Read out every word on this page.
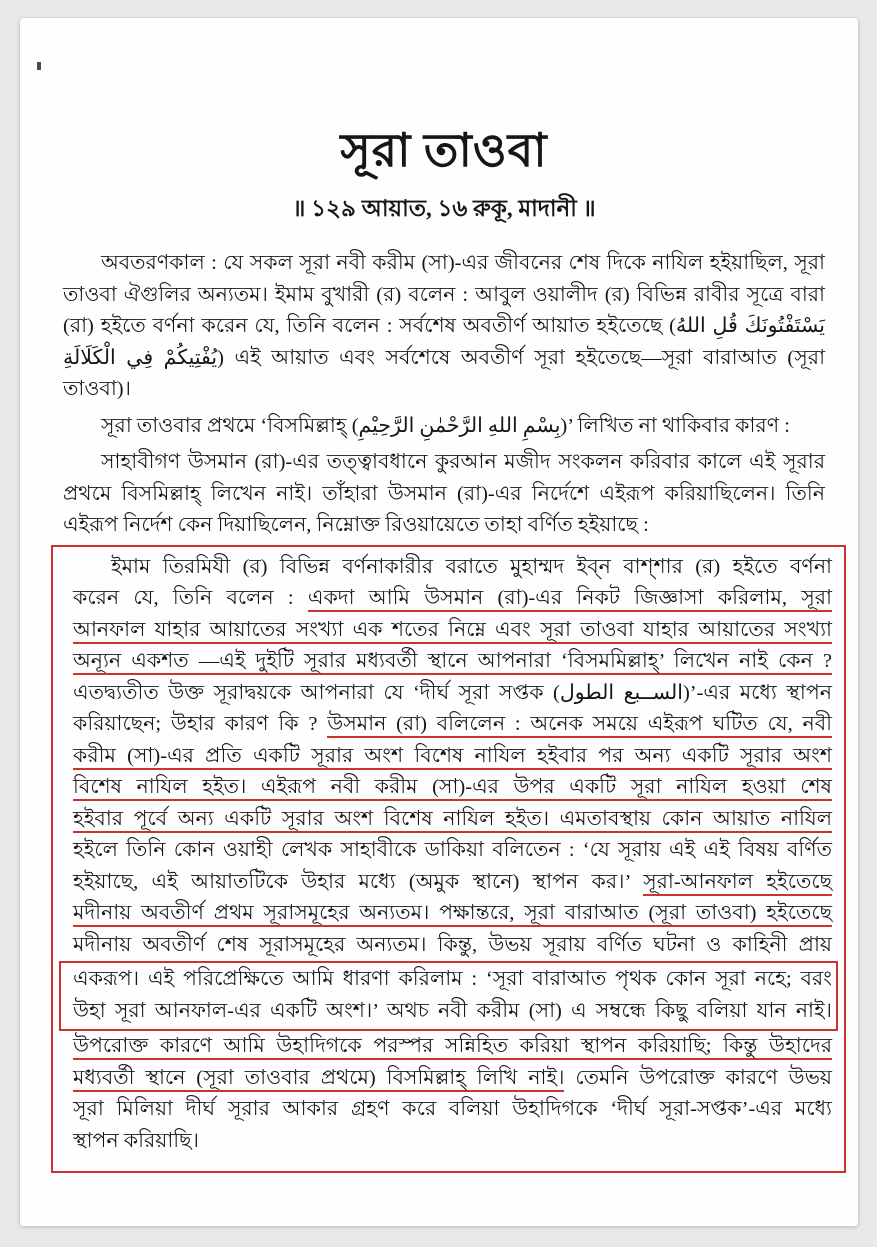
সূরা তাওবা
॥ ১২৯ আয়াত, ১৬ রুকূ, মাদানী ॥

অবতরণকাল : যে সকল সূরা নবী করীম (সা)-এর জীবনের শেষ দিকে নাযিল হইয়াছিল, সূরা তাওবা ঐগুলির অন্যতম। ইমাম বুখারী (র) বলেন : আবুল ওয়ালীদ (র) বিভিন্ন রাবীর সূত্রে বারা (রা) হইতে বর্ণনা করেন যে, তিনি বলেন : সর্বশেষ অবতীর্ণ আয়াত হইতেছে (يَسْتَفْتُونَكَ قُلِ اللهُ يُفْتِيكُمْ فِي الْكَلَالَةِ) এই আয়াত এবং সর্বশেষে অবতীর্ণ সূরা হইতেছে—সূরা বারাআত (সূরা তাওবা)।

সূরা তাওবার প্রথমে ‘বিসমিল্লাহ্ (بِسْمِ اللهِ الرَّحْمٰنِ الرَّحِيْمِ)’ লিখিত না থাকিবার কারণ :

সাহাবীগণ উসমান (রা)-এর তত্ত্বাবধানে কুরআন মজীদ সংকলন করিবার কালে এই সূরার প্রথমে বিসমিল্লাহ্ লিখেন নাই। তাঁহারা উসমান (রা)-এর নির্দেশে এইরূপ করিয়াছিলেন। তিনি এইরূপ নির্দেশ কেন দিয়াছিলেন, নিম্নোক্ত রিওয়ায়েতে তাহা বর্ণিত হইয়াছে :

ইমাম তিরমিযী (র) বিভিন্ন বর্ণনাকারীর বরাতে মুহাম্মদ ইব্‌ন বাশ্‌শার (র) হইতে বর্ণনা
করেন যে, তিনি বলেন : একদা আমি উসমান (রা)-এর নিকট জিজ্ঞাসা করিলাম, সূরা
আনফাল যাহার আয়াতের সংখ্যা এক শতের নিম্নে এবং সূরা তাওবা যাহার আয়াতের সংখ্যা
অন্যূন একশত —এই দুইটি সূরার মধ্যবর্তী স্থানে আপনারা ‘বিসমমিল্লাহ্’ লিখেন নাই কেন ?
এতদ্ব্যতীত উক্ত সূরাদ্বয়কে আপনারা যে ‘দীর্ঘ সূরা সপ্তক (الســبع الطول)’-এর মধ্যে স্থাপন
করিয়াছেন; উহার কারণ কি ? উসমান (রা) বলিলেন : অনেক সময়ে এইরূপ ঘটিত যে, নবী
করীম (সা)-এর প্রতি একটি সূরার অংশ বিশেষ নাযিল হইবার পর অন্য একটি সূরার অংশ
বিশেষ নাযিল হইত। এইরূপ নবী করীম (সা)-এর উপর একটি সূরা নাযিল হওয়া শেষ
হইবার পূর্বে অন্য একটি সূরার অংশ বিশেষ নাযিল হইত। এমতাবস্থায় কোন আয়াত নাযিল
হইলে তিনি কোন ওয়াহী লেখক সাহাবীকে ডাকিয়া বলিতেন : ‘যে সূরায় এই এই বিষয় বর্ণিত
হইয়াছে, এই আয়াতটিকে উহার মধ্যে (অমুক স্থানে) স্থাপন কর।’ সূরা-আনফাল হইতেছে
মদীনায় অবতীর্ণ প্রথম সূরাসমূহের অন্যতম। পক্ষান্তরে, সূরা বারাআত (সূরা তাওবা) হইতেছে
মদীনায় অবতীর্ণ শেষ সূরাসমূহের অন্যতম। কিন্তু, উভয় সূরায় বর্ণিত ঘটনা ও কাহিনী প্রায়
একরূপ। এই পরিপ্রেক্ষিতে আমি ধারণা করিলাম : ‘সূরা বারাআত পৃথক কোন সূরা নহে; বরং
উহা সূরা আনফাল-এর একটি অংশ।’ অথচ নবী করীম (সা) এ সম্বন্ধে কিছু বলিয়া যান নাই।
উপরোক্ত কারণে আমি উহাদিগকে পরস্পর সন্নিহিত করিয়া স্থাপন করিয়াছি; কিন্তু উহাদের
মধ্যবর্তী স্থানে (সূরা তাওবার প্রথমে) বিসমিল্লাহ্ লিখি নাই। তেমনি উপরোক্ত কারণে উভয়
সূরা মিলিয়া দীর্ঘ সূরার আকার গ্রহণ করে বলিয়া উহাদিগকে ‘দীর্ঘ সূরা-সপ্তক’-এর মধ্যে
স্থাপন করিয়াছি।
